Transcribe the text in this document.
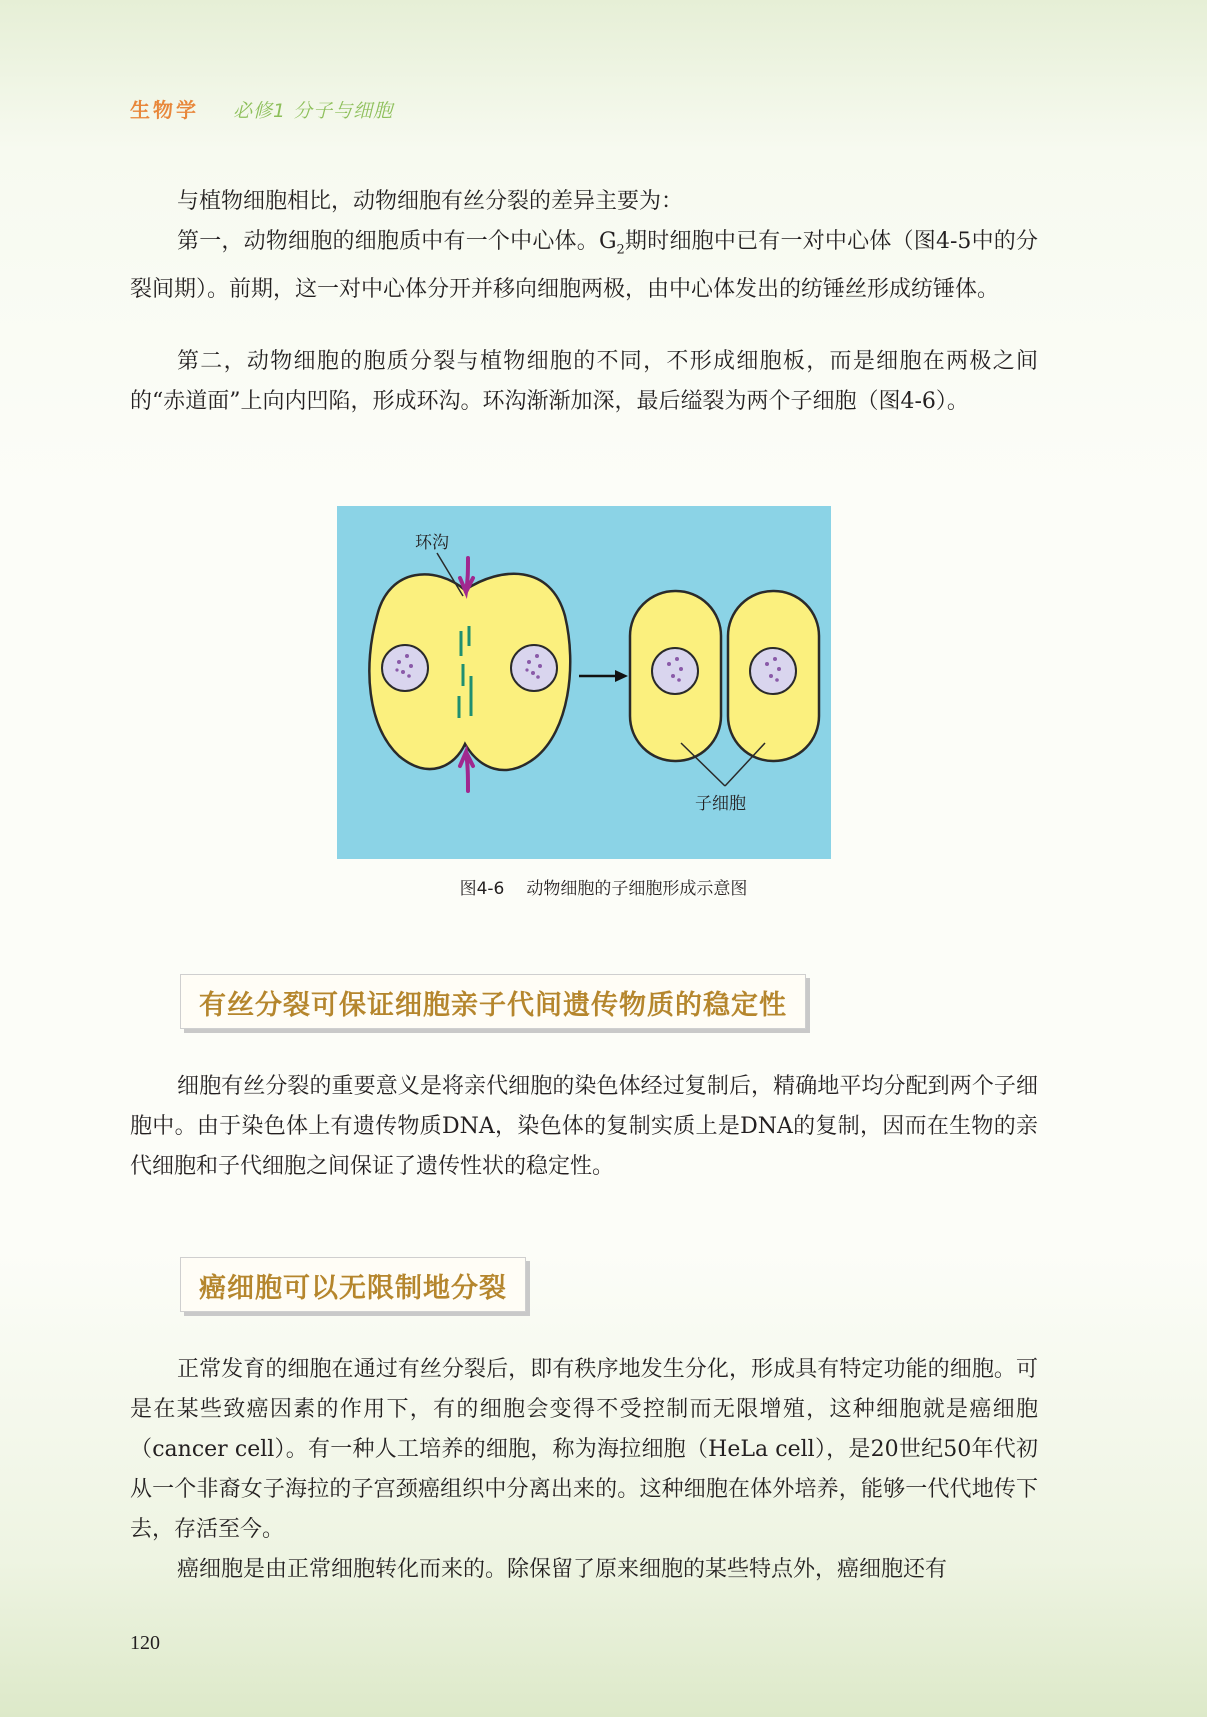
生物学 必修1 分子与细胞

与植物细胞相比，动物细胞有丝分裂的差异主要为：

第一，动物细胞的细胞质中有一个中心体。$G_2$期时细胞中已有一对中心体（图4-5中的分裂间期）。前期，这一对中心体分开并移向细胞两极，由中心体发出的纺锤丝形成纺锤体。

第二，动物细胞的胞质分裂与植物细胞的不同，不形成细胞板，而是细胞在两极之间的“赤道面”上向内凹陷，形成环沟。环沟渐渐加深，最后缢裂为两个子细胞（图4-6）。

环沟
子细胞
图4-6 动物细胞的子细胞形成示意图
有丝分裂可保证细胞亲子代间遗传物质的稳定性

细胞有丝分裂的重要意义是将亲代细胞的染色体经过复制后，精确地平均分配到两个子细胞中。由于染色体上有遗传物质DNA，染色体的复制实质上是DNA的复制，因而在生物的亲代细胞和子代细胞之间保证了遗传性状的稳定性。

癌细胞可以无限制地分裂

正常发育的细胞在通过有丝分裂后，即有秩序地发生分化，形成具有特定功能的细胞。可是在某些致癌因素的作用下，有的细胞会变得不受控制而无限增殖，这种细胞就是癌细胞（cancer cell）。有一种人工培养的细胞，称为海拉细胞（HeLa cell），是20世纪50年代初从一个非裔女子海拉的子宫颈癌组织中分离出来的。这种细胞在体外培养，能够一代代地传下去，存活至今。

癌细胞是由正常细胞转化而来的。除保留了原来细胞的某些特点外，癌细胞还有

120
